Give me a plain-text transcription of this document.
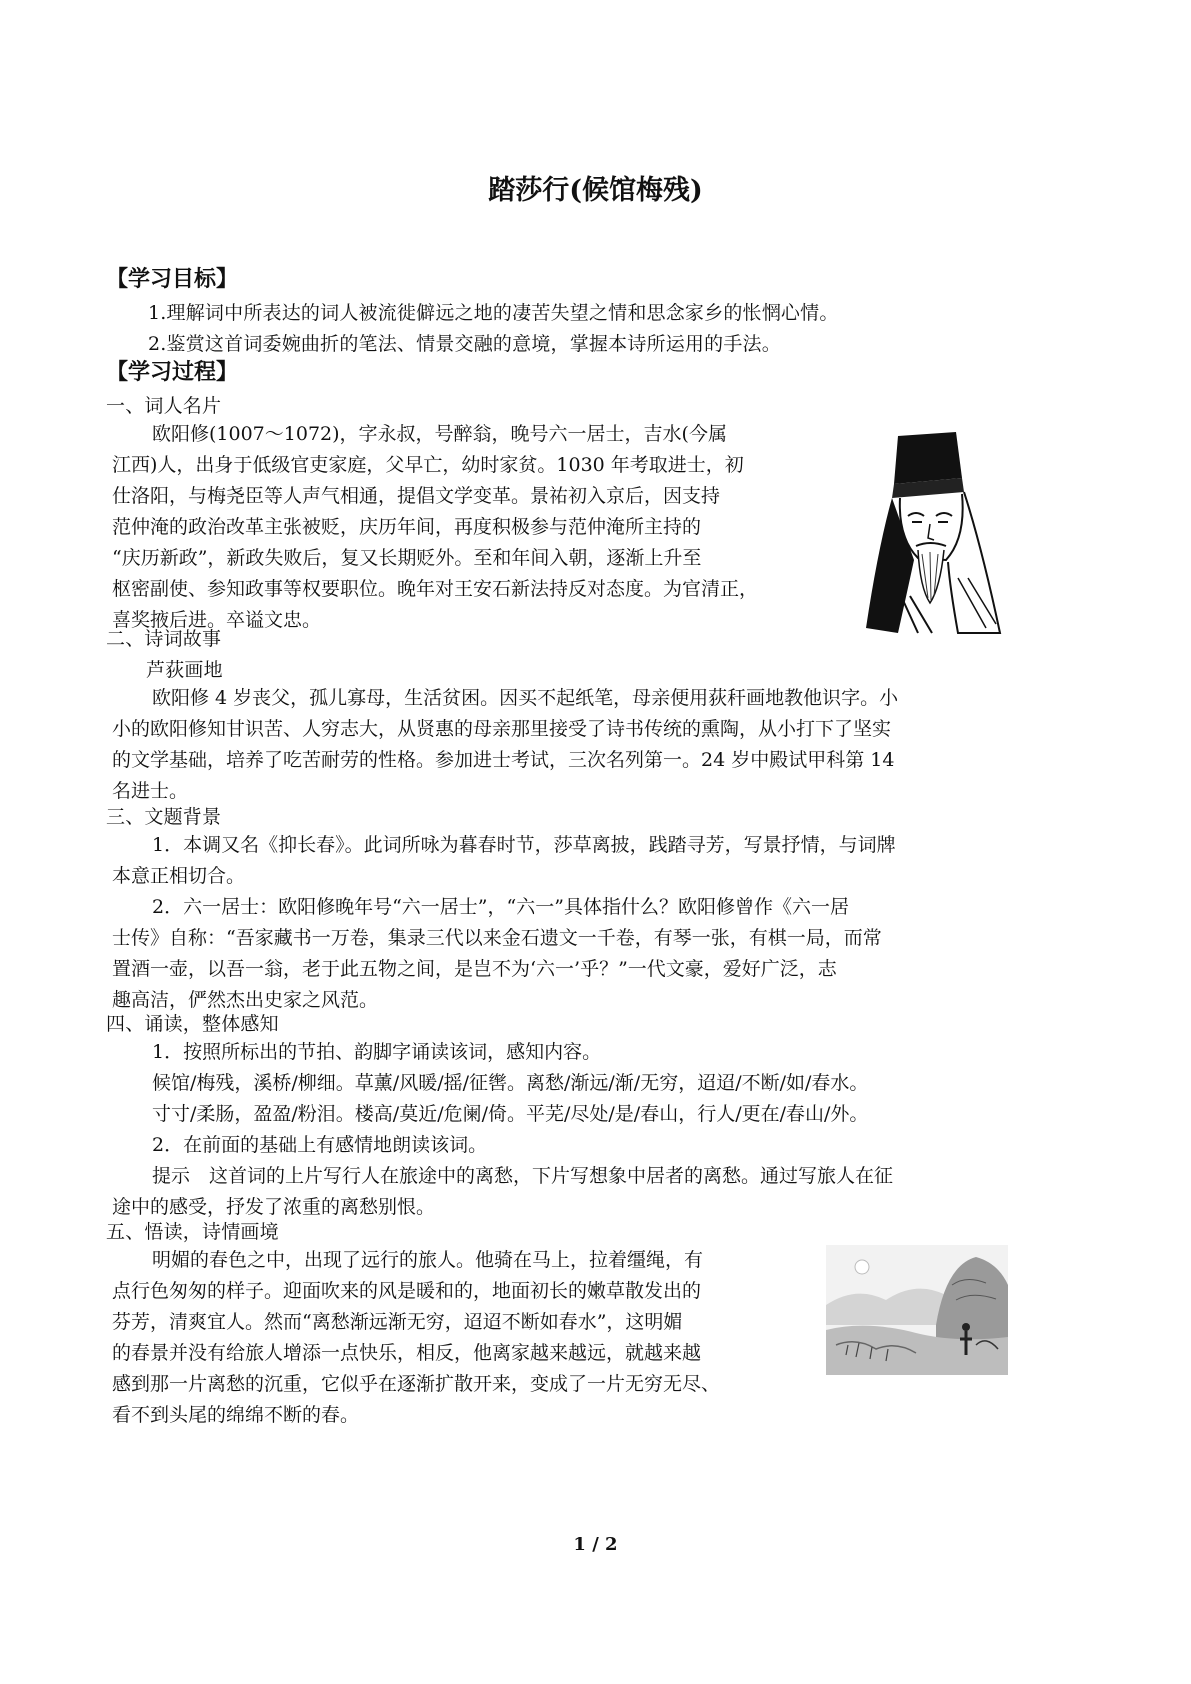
踏莎行(候馆梅残)
【学习目标】
1.理解词中所表达的词人被流徙僻远之地的凄苦失望之情和思念家乡的怅惘心情。
2.鉴赏这首词委婉曲折的笔法、情景交融的意境，掌握本诗所运用的手法。
【学习过程】
一、词人名片
欧阳修(1007～1072)，字永叔，号醉翁，晚号六一居士，吉水(今属
江西)人，出身于低级官吏家庭，父早亡，幼时家贫。1030 年考取进士，初
仕洛阳，与梅尧臣等人声气相通，提倡文学变革。景祐初入京后，因支持
范仲淹的政治改革主张被贬，庆历年间，再度积极参与范仲淹所主持的
“庆历新政”，新政失败后，复又长期贬外。至和年间入朝，逐渐上升至
枢密副使、参知政事等权要职位。晚年对王安石新法持反对态度。为官清正，
喜奖掖后进。卒谥文忠。
二、诗词故事
芦荻画地
欧阳修 4 岁丧父，孤儿寡母，生活贫困。因买不起纸笔，母亲便用荻秆画地教他识字。小
小的欧阳修知甘识苦、人穷志大，从贤惠的母亲那里接受了诗书传统的熏陶，从小打下了坚实
的文学基础，培养了吃苦耐劳的性格。参加进士考试，三次名列第一。24 岁中殿试甲科第 14
名进士。
三、文题背景
1．本调又名《抑长春》。此词所咏为暮春时节，莎草离披，践踏寻芳，写景抒情，与词牌
本意正相切合。
2．六一居士：欧阳修晚年号“六一居士”，“六一”具体指什么？欧阳修曾作《六一居
士传》自称：“吾家藏书一万卷，集录三代以来金石遗文一千卷，有琴一张，有棋一局，而常
置酒一壶，以吾一翁，老于此五物之间，是岂不为‘六一’乎？”一代文豪，爱好广泛，志
趣高洁，俨然杰出史家之风范。
四、诵读，整体感知
1．按照所标出的节拍、韵脚字诵读该词，感知内容。
候馆/梅残，溪桥/柳细。草薰/风暖/摇/征辔。离愁/渐远/渐/无穷，迢迢/不断/如/春水。
寸寸/柔肠，盈盈/粉泪。楼高/莫近/危阑/倚。平芜/尽处/是/春山，行人/更在/春山/外。
2．在前面的基础上有感情地朗读该词。
提示　这首词的上片写行人在旅途中的离愁，下片写想象中居者的离愁。通过写旅人在征
途中的感受，抒发了浓重的离愁别恨。
五、悟读，诗情画境
明媚的春色之中，出现了远行的旅人。他骑在马上，拉着缰绳，有
点行色匆匆的样子。迎面吹来的风是暖和的，地面初长的嫩草散发出的
芬芳，清爽宜人。然而“离愁渐远渐无穷，迢迢不断如春水”，这明媚
的春景并没有给旅人增添一点快乐，相反，他离家越来越远，就越来越
感到那一片离愁的沉重，它似乎在逐渐扩散开来，变成了一片无穷无尽、
看不到头尾的绵绵不断的春。
1 / 2
